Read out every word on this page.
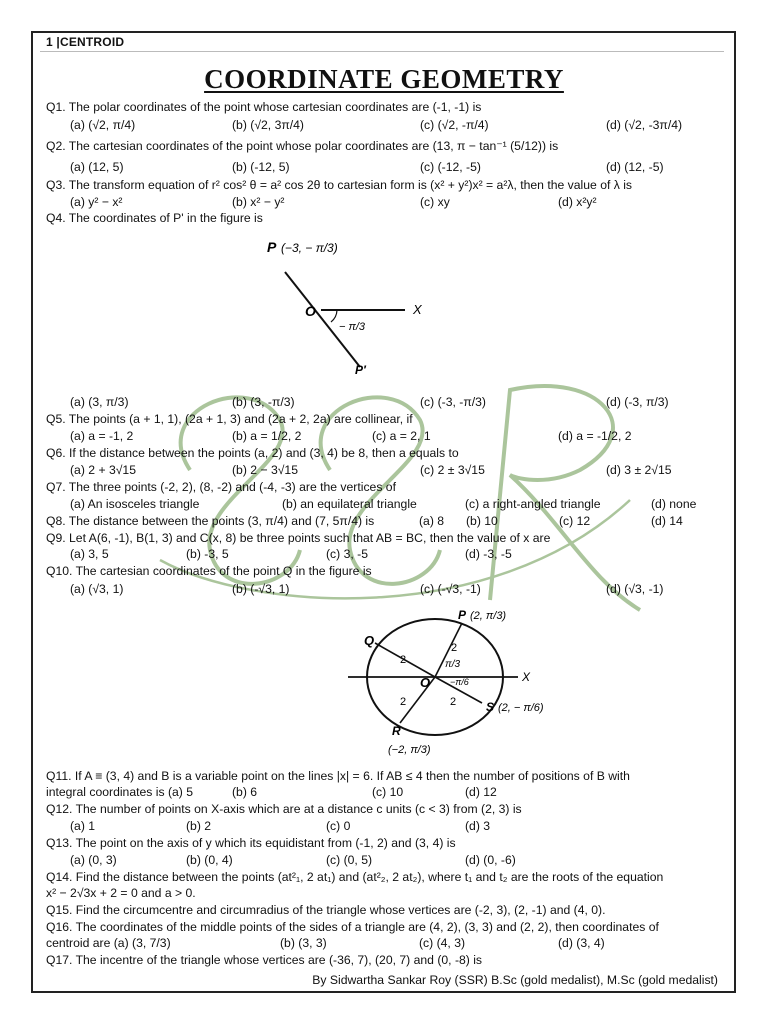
1 |CENTROID
COORDINATE GEOMETRY
SSR
Q1. The polar coordinates of the point whose cartesian coordinates are (-1, -1) is
(a) (√2, π/4)	(b) (√2, 3π/4)	(c) (√2, -π/4)	(d) (√2, -3π/4)
Q2. The cartesian coordinates of the point whose polar coordinates are (13, π − tan⁻¹ (5/12)) is
(a) (12, 5)	(b) (-12, 5)	(c) (-12, -5)	(d) (12, -5)
Q3. The transform equation of r² cos² θ = a² cos 2θ to cartesian form is (x² + y²)x² = a²λ, then the value of λ is
(a) y² − x²	(b) x² − y²	(c) xy	(d) x²y²
Q4. The coordinates of P' in the figure is
P (−3, − π/3)
O	X
− π/3
P′
(a) (3, π/3)	(b) (3, -π/3)	(c) (-3, -π/3)	(d) (-3, π/3)
Q5. The points (a + 1, 1), (2a + 1, 3) and (2a + 2, 2a) are collinear, if
(a) a = -1, 2	(b) a = 1/2, 2	(c) a = 2, 1	(d) a = -1/2, 2
Q6. If the distance between the points (a, 2) and (3, 4) be 8, then a equals to
(a) 2 + 3√15	(b) 2 − 3√15	(c) 2 ± 3√15	(d) 3 ± 2√15
Q7. The three points (-2, 2), (8, -2) and (-4, -3) are the vertices of
(a) An isosceles triangle	(b) an equilateral triangle	(c) a right-angled triangle	(d) none
Q8. The distance between the points (3, π/4) and (7, 5π/4) is	(a) 8 (b) 10	(c) 12	(d) 14
Q9. Let A(6, -1), B(1, 3) and C(x, 8) be three points such that AB = BC, then the value of x are
(a) 3, 5	(b) -3, 5	(c) 3, -5	(d) -3, -5
Q10. The cartesian coordinates of the point Q in the figure is
(a) (√3, 1)	(b) (-√3, 1)	(c) (-√3, -1)	(d) (√3, -1)
Q
P (2, π/3)
O	X
2
2
2	2
π/3
−π/6
S (2, − π/6)
R
(−2, π/3)
Q11. If A ≡ (3, 4) and B is a variable point on the lines |x| = 6. If AB ≤ 4 then the number of positions of B with
integral coordinates is (a) 5	(b) 6	(c) 10	(d) 12
Q12. The number of points on X-axis which are at a distance c units (c < 3) from (2, 3) is
(a) 1	(b) 2	(c) 0	(d) 3
Q13. The point on the axis of y which its equidistant from (-1, 2) and (3, 4) is
(a) (0, 3)	(b) (0, 4)	(c) (0, 5)	(d) (0, -6)
Q14. Find the distance between the points (at²₁, 2 at₁) and (at²₂, 2 at₂), where t₁ and t₂ are the roots of the equation
x² − 2√3x + 2 = 0 and a > 0.
Q15. Find the circumcentre and circumradius of the triangle whose vertices are (-2, 3), (2, -1) and (4, 0).
Q16. The coordinates of the middle points of the sides of a triangle are (4, 2), (3, 3) and (2, 2), then coordinates of
centroid are (a) (3, 7/3)	(b) (3, 3)	(c) (4, 3)	(d) (3, 4)
Q17. The incentre of the triangle whose vertices are (-36, 7), (20, 7) and (0, -8) is
By Sidwartha Sankar Roy (SSR) B.Sc (gold medalist), M.Sc (gold medalist)
